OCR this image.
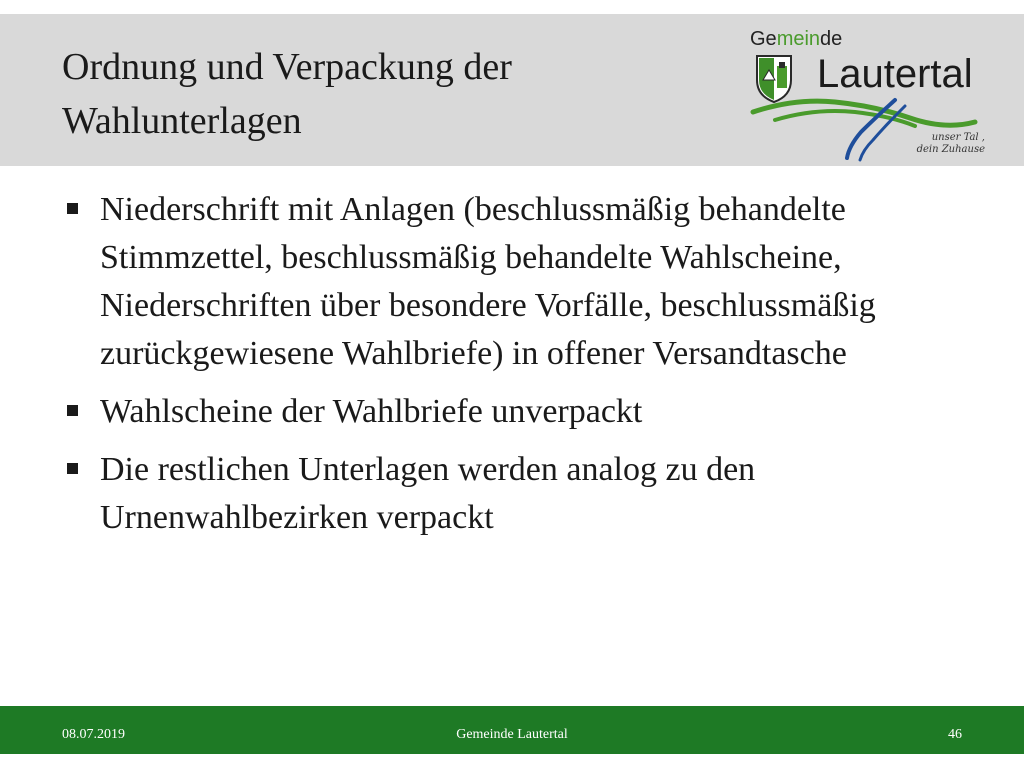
Ordnung und Verpackung der Wahlunterlagen
Gemeinde
Lautertal
unser Tal ,
dein Zuhause
Niederschrift mit Anlagen (beschlussmäßig behandelte Stimmzettel, beschlussmäßig behandelte Wahlscheine, Niederschriften über besondere Vorfälle, beschlussmäßig zurückgewiesene Wahlbriefe) in offener Versandtasche
Wahlscheine der Wahlbriefe unverpackt
Die restlichen Unterlagen werden analog zu den Urnenwahlbezirken verpackt
08.07.2019	Gemeinde Lautertal	46
